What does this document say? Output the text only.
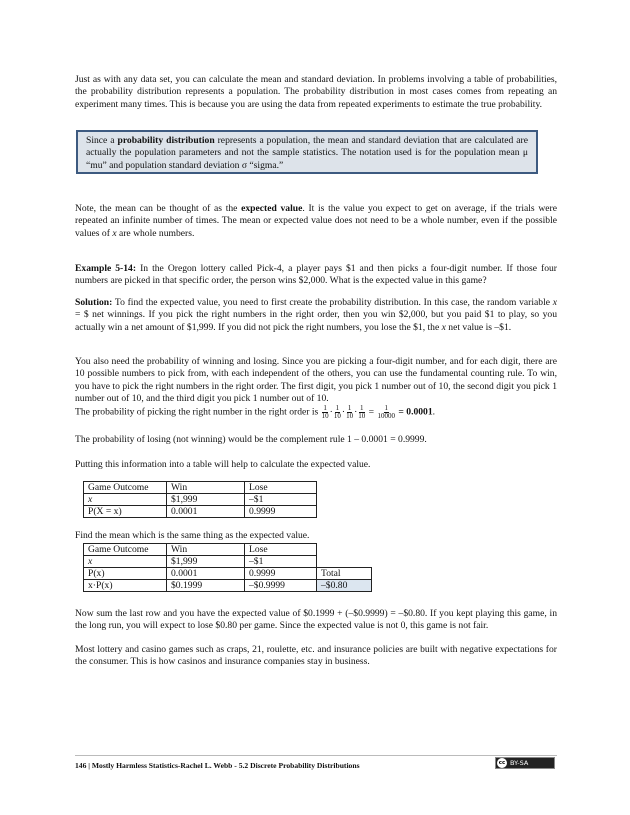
Just as with any data set, you can calculate the mean and standard deviation. In problems involving a table of probabilities, the probability distribution represents a population. The probability distribution in most cases comes from repeating an experiment many times. This is because you are using the data from repeated experiments to estimate the true probability.

Since a probability distribution represents a population, the mean and standard deviation that are calculated are actually the population parameters and not the sample statistics. The notation used is for the population mean μ “mu” and population standard deviation σ “sigma.”

Note, the mean can be thought of as the expected value. It is the value you expect to get on average, if the trials were repeated an infinite number of times. The mean or expected value does not need to be a whole number, even if the possible values of x are whole numbers.

Example 5-14: In the Oregon lottery called Pick-4, a player pays $1 and then picks a four-digit number. If those four numbers are picked in that specific order, the person wins $2,000. What is the expected value in this game?

Solution: To find the expected value, you need to first create the probability distribution. In this case, the random variable x = $ net winnings. If you pick the right numbers in the right order, then you win $2,000, but you paid $1 to play, so you actually win a net amount of $1,999. If you did not pick the right numbers, you lose the $1, the x net value is –$1.

You also need the probability of winning and losing. Since you are picking a four-digit number, and for each digit, there are 10 possible numbers to pick from, with each independent of the others, you can use the fundamental counting rule. To win, you have to pick the right numbers in the right order. The first digit, you pick 1 number out of 10, the second digit you pick 1 number out of 10, and the third digit you pick 1 number out of 10.

The probability of picking the right number in the right order is $\frac{1}{10} \cdot \frac{1}{10} \cdot \frac{1}{10} \cdot \frac{1}{10} = \frac{1}{10000} = 0.0001$.

The probability of losing (not winning) would be the complement rule 1 – 0.0001 = 0.9999.

Putting this information into a table will help to calculate the expected value.

Game Outcome	Win	Lose
x	$1,999	–$1
P(X = x)	0.0001	0.9999

Find the mean which is the same thing as the expected value.

Game Outcome	Win	Lose	
x	$1,999	–$1	
P(x)	0.0001	0.9999	Total
x·P(x)	$0.1999	–$0.9999	–$0.80

Now sum the last row and you have the expected value of $0.1999 + (–$0.9999) = –$0.80. If you kept playing this game, in the long run, you will expect to lose $0.80 per game. Since the expected value is not 0, this game is not fair.

Most lottery and casino games such as craps, 21, roulette, etc. and insurance policies are built with negative expectations for the consumer. This is how casinos and insurance companies stay in business.

146 | Mostly Harmless Statistics-Rachel L. Webb - 5.2 Discrete Probability Distributions	cc BY-SA
